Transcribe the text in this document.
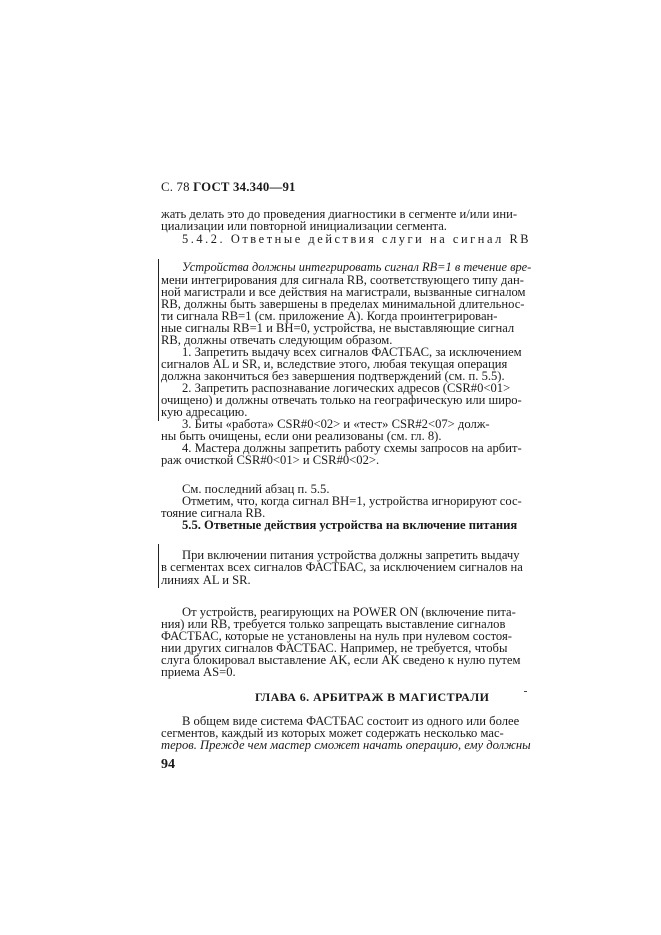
С. 78 ГОСТ 34.340—91
жать делать это до проведения диагностики в сегменте и/или ини-
циализации или повторной инициализации сегмента.
5.4.2. Ответные действия слуги на сигнал RB
Устройства должны интегрировать сигнал RB=1 в течение вре-
мени интегрирования для сигнала RB, соответствующего типу дан-
ной магистрали и все действия на магистрали, вызванные сигналом
RB, должны быть завершены в пределах минимальной длительнос-
ти сигнала RB=1 (см. приложение А). Когда проинтегрирован-
ные сигналы RB=1 и BH=0, устройства, не выставляющие сигнал
RB, должны отвечать следующим образом.
1. Запретить выдачу всех сигналов ФАСТБАС, за исключением
сигналов AL и SR, и, вследствие этого, любая текущая операция
должна закончиться без завершения подтверждений (см. п. 5.5).
2. Запретить распознавание логических адресов (CSR#0<01>
очищено) и должны отвечать только на географическую или широ-
кую адресацию.
3. Биты «работа» CSR#0<02> и «тест» CSR#2<07> долж-
ны быть очищены, если они реализованы (см. гл. 8).
4. Мастера должны запретить работу схемы запросов на арбит-
раж очисткой CSR#0<01> и CSR#0<02>.
См. последний абзац п. 5.5.
Отметим, что, когда сигнал BH=1, устройства игнорируют сос-
тояние сигнала RB.
5.5. Ответные действия устройства на включение питания
При включении питания устройства должны запретить выдачу
в сегментах всех сигналов ФАСТБАС, за исключением сигналов на
линиях AL и SR.
От устройств, реагирующих на POWER ON (включение пита-
ния) или RB, требуется только запрещать выставление сигналов
ФАСТБАС, которые не установлены на нуль при нулевом состоя-
нии других сигналов ФАСТБАС. Например, не требуется, чтобы
слуга блокировал выставление AK, если AK сведено к нулю путем
приема AS=0.
ГЛАВА 6. АРБИТРАЖ В МАГИСТРАЛИ
В общем виде система ФАСТБАС состоит из одного или более
сегментов, каждый из которых может содержать несколько мас-
теров. Прежде чем мастер сможет начать операцию, ему должны
94
